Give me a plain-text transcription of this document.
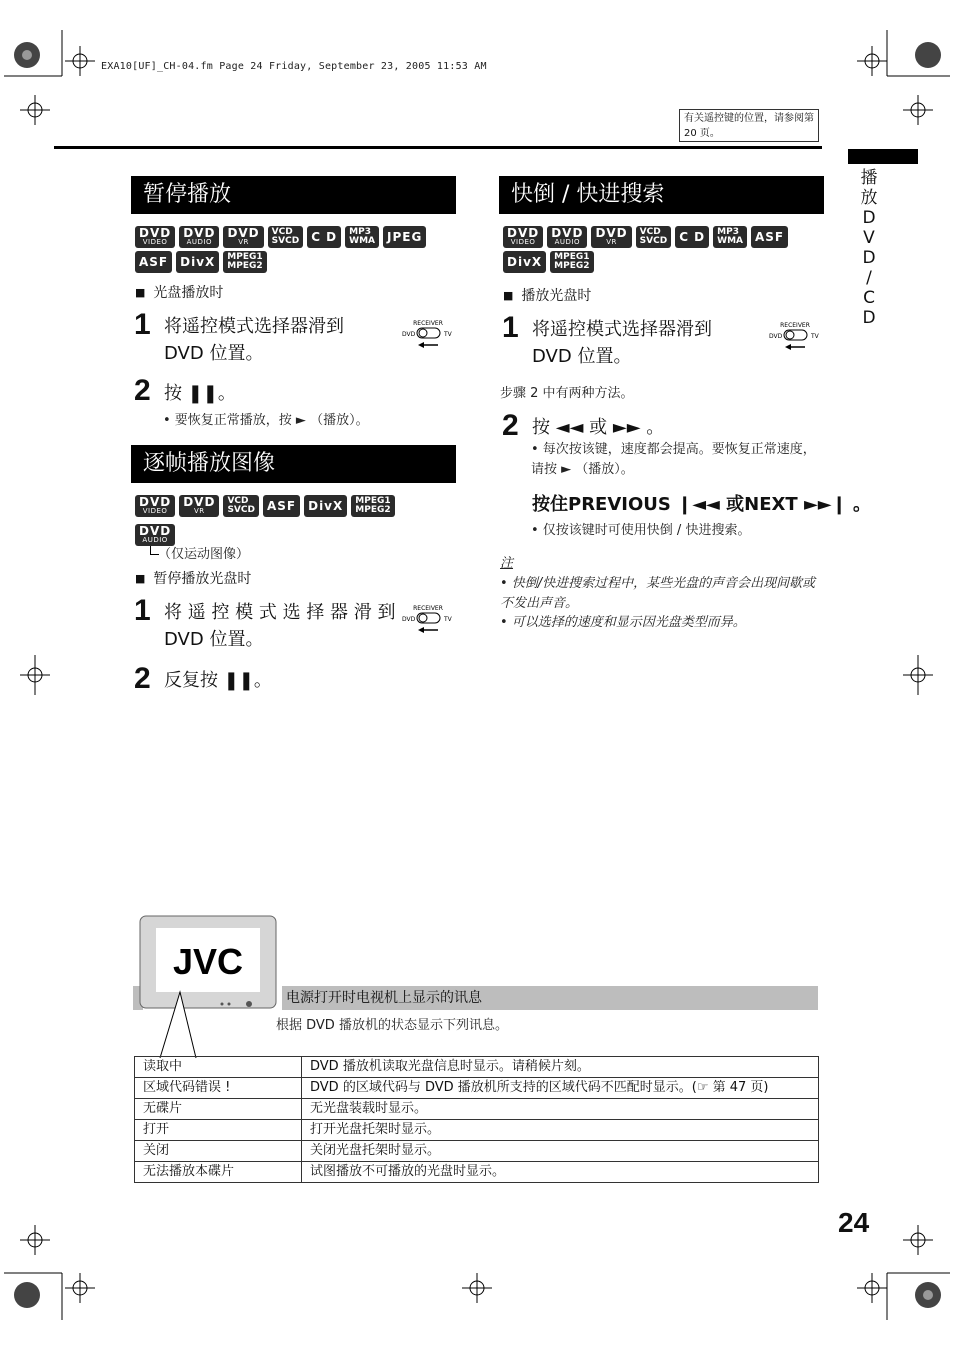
EXA10[UF]_CH-04.fm Page 24 Friday, September 23, 2005 11:53 AM
有关遥控键的位置，请参阅第 20 页。
播
放
D
V
D
/
C
D
暂停播放
DVD
VIDEO
DVD
AUDIO
DVD
VR
VCD
SVCD	C D	MP3
WMA	JPEG
ASF	DivX	MPEG1
MPEG2
■ 光盘播放时
1 将遥控模式选择器滑到
DVD 位置。
RECEIVER
DVD	TV
2 按 ❚❚。
• 要恢复正常播放，按 ► （播放）。
逐帧播放图像
DVD
VIDEO
DVD
VR
VCD
SVCD	ASF	DivX	MPEG1
MPEG2
DVD
AUDIO
（仅运动图像）
■ 暂停播放光盘时
1 将 遥 控 模 式 选 择 器 滑 到
DVD 位置。
RECEIVER
DVD	TV
2 反复按 ❚❚。
快倒 / 快进搜索
DVD
VIDEO
DVD
AUDIO
DVD
VR
VCD
SVCD	C D	MP3
WMA	ASF
DivX	MPEG1
MPEG2
■ 播放光盘时
1 将遥控模式选择器滑到
DVD 位置。
RECEIVER
DVD	TV
步骤 2 中有两种方法。
2 按 ◄◄ 或 ►► 。
• 每次按该键，速度都会提高。要恢复正常速度，请按 ► （播放）。
按住PREVIOUS ❙◄◄ 或NEXT ►►❙ 。
• 仅按该键时可使用快倒 / 快进搜索。
注
• 快倒/快进搜索过程中，某些光盘的声音会出现间歇或不发出声音。
• 可以选择的速度和显示因光盘类型而异。
电源打开时电视机上显示的讯息
JVC
根据 DVD 播放机的状态显示下列讯息。
读取中	DVD 播放机读取光盘信息时显示。请稍候片刻。
区域代码错误 !	DVD 的区域代码与 DVD 播放机所支持的区域代码不匹配时显示。(☞ 第 47 页)
无碟片	无光盘装载时显示。
打开	打开光盘托架时显示。
关闭	关闭光盘托架时显示。
无法播放本碟片	试图播放不可播放的光盘时显示。
24
